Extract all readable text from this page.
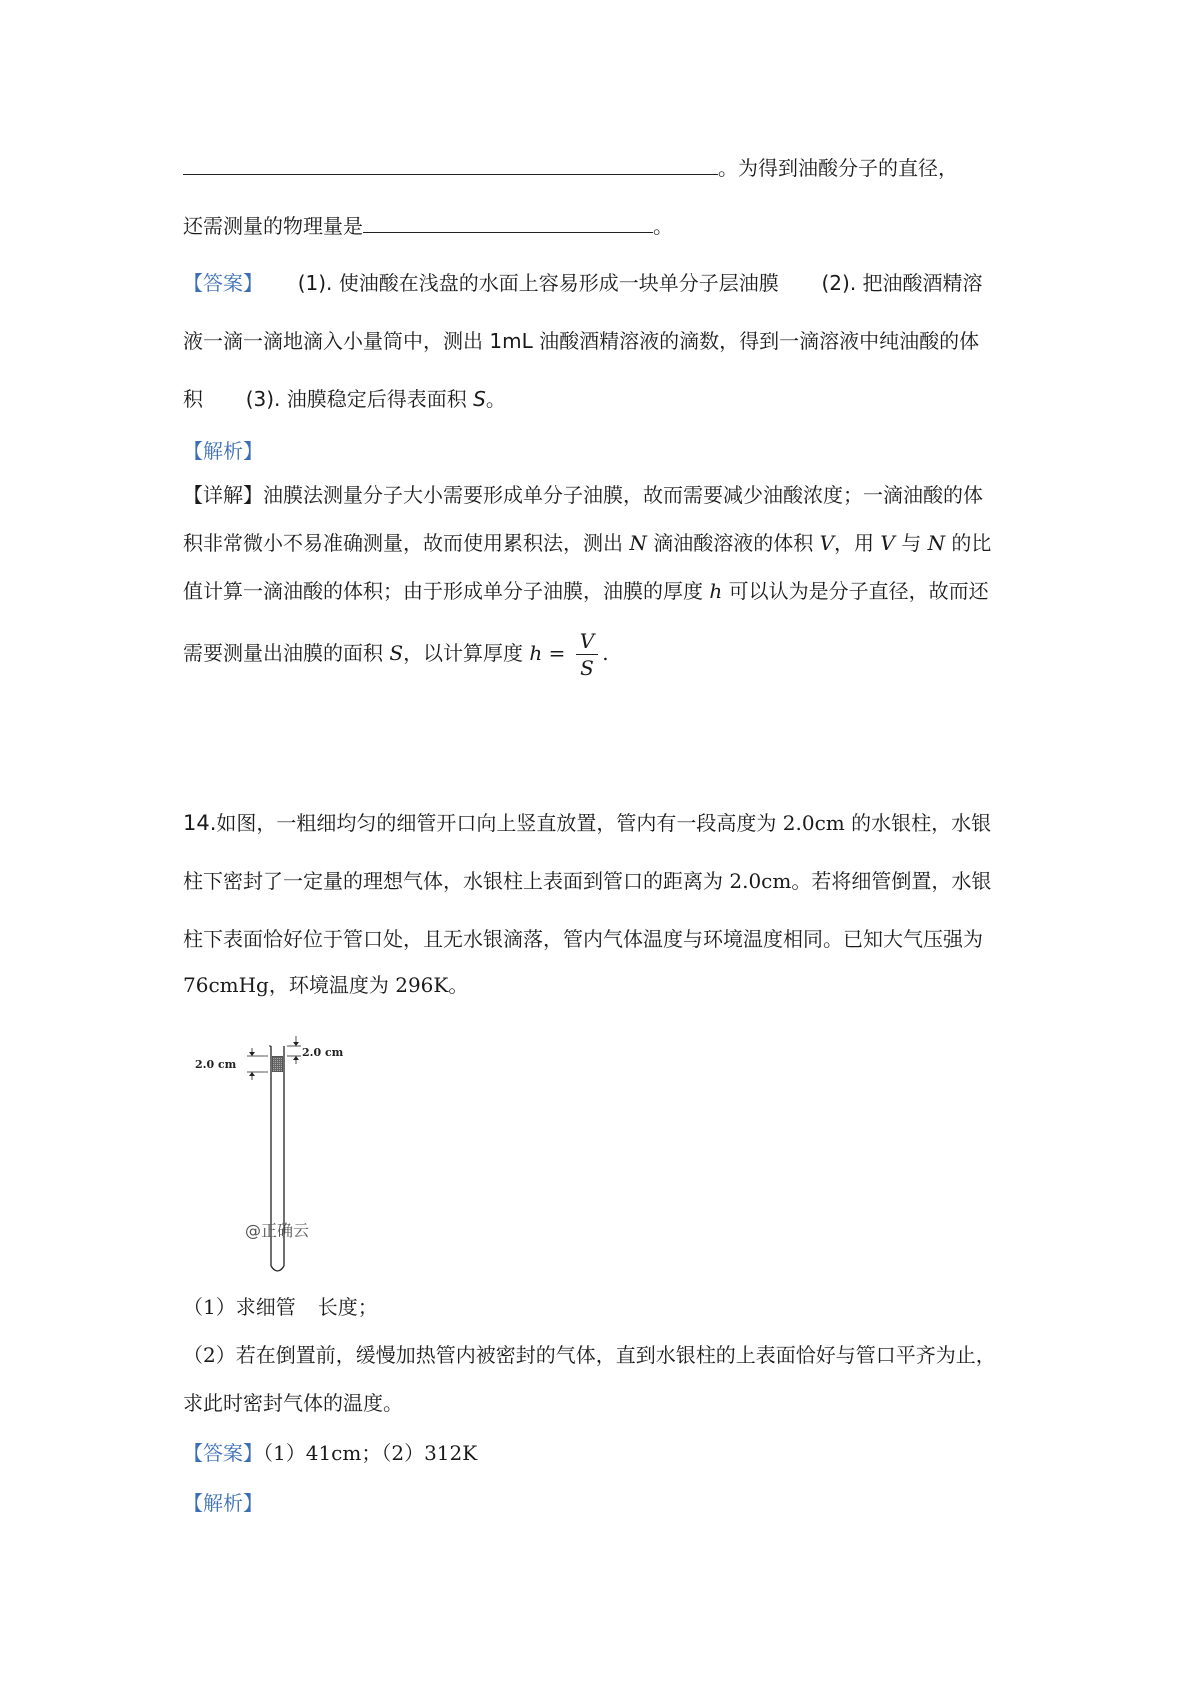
。为得到油酸分子的直径，
还需测量的物理量是	。
【答案】 (1). 使油酸在浅盘的水面上容易形成一块单分子层油膜 (2). 把油酸酒精溶
液一滴一滴地滴入小量筒中，测出 1mL 油酸酒精溶液的滴数，得到一滴溶液中纯油酸的体
积 (3). 油膜稳定后得表面积 S。
【解析】
【详解】油膜法测量分子大小需要形成单分子油膜，故而需要减少油酸浓度；一滴油酸的体
积非常微小不易准确测量，故而使用累积法，测出 N 滴油酸溶液的体积 V，用 V 与 N 的比
值计算一滴油酸的体积；由于形成单分子油膜，油膜的厚度 h 可以认为是分子直径，故而还
需要测量出油膜的面积 S，以计算厚度 $h = \frac{V}{S}$ .
14.如图，一粗细均匀的细管开口向上竖直放置，管内有一段高度为 2.0cm 的水银柱，水银
柱下密封了一定量的理想气体，水银柱上表面到管口的距离为 2.0cm。若将细管倒置，水银
柱下表面恰好位于管口处，且无水银滴落，管内气体温度与环境温度相同。已知大气压强为
76cmHg，环境温度为 296K。
2.0 cm
2.0 cm
@正确云
（1）求细管 长度；
（2）若在倒置前，缓慢加热管内被密封的气体，直到水银柱的上表面恰好与管口平齐为止，
求此时密封气体的温度。
【答案】（1）41cm；（2）312K
【解析】
